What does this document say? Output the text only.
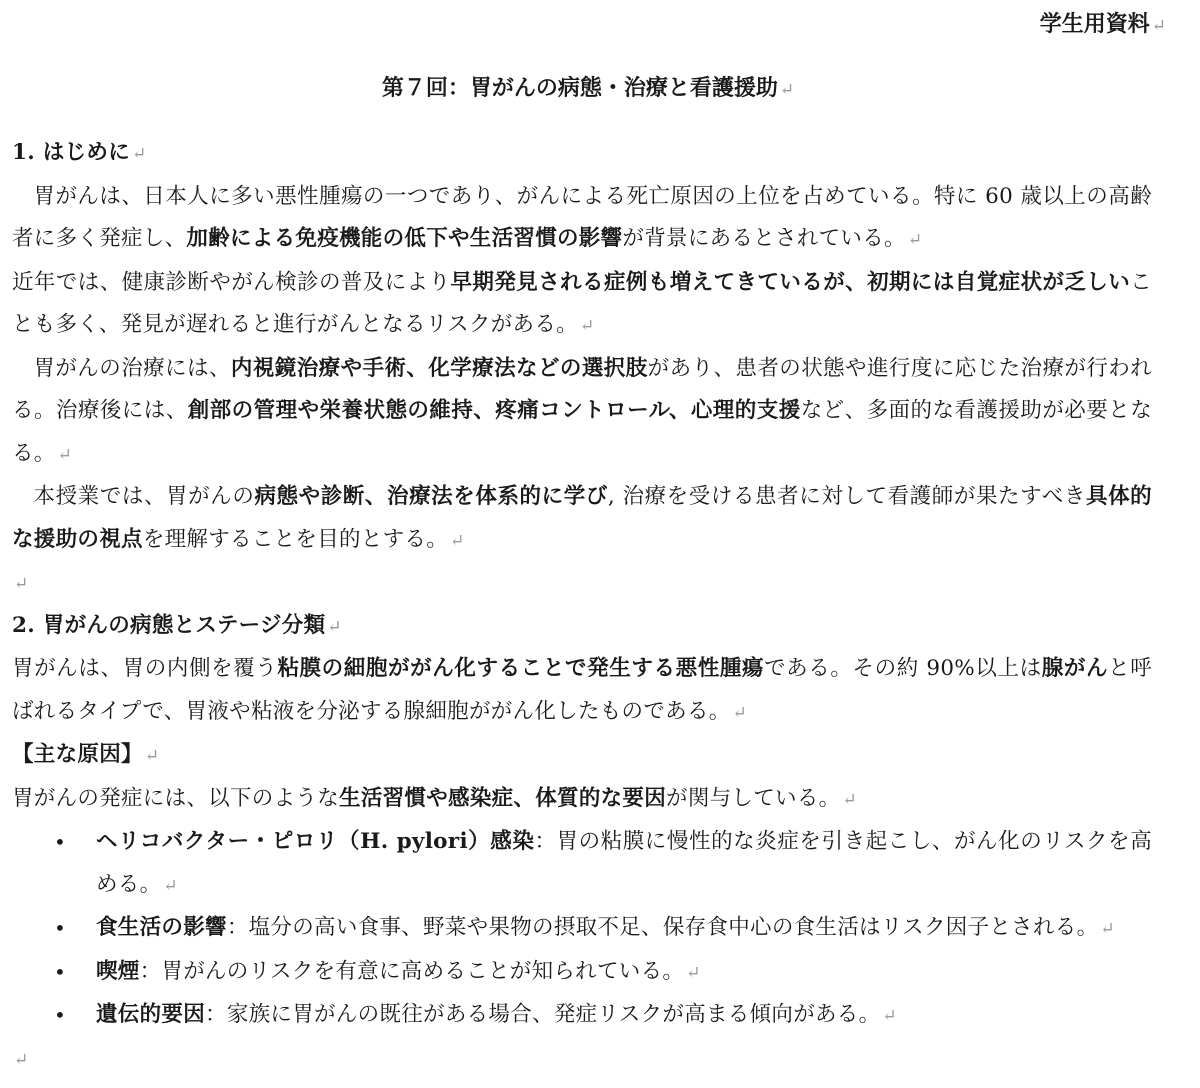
学生用資料 ↵
第７回：胃がんの病態・治療と看護援助 ↵
1. はじめに ↵
胃がんは、日本人に多い悪性腫瘍の一つであり、がんによる死亡原因の上位を占めている。特に 60 歳以上の高齢者に多く発症し、加齢による免疫機能の低下や生活習慣の影響が背景にあるとされている。 ↵
近年では、健康診断やがん検診の普及により早期発見される症例も増えてきているが、初期には自覚症状が乏しいことも多く、発見が遅れると進行がんとなるリスクがある。 ↵
胃がんの治療には、内視鏡治療や手術、化学療法などの選択肢があり、患者の状態や進行度に応じた治療が行われる。治療後には、創部の管理や栄養状態の維持、疼痛コントロール、心理的支援など、多面的な看護援助が必要となる。 ↵
本授業では、胃がんの病態や診断、治療法を体系的に学び, 治療を受ける患者に対して看護師が果たすべき具体的な援助の視点を理解することを目的とする。 ↵
↵
2. 胃がんの病態とステージ分類 ↵
胃がんは、胃の内側を覆う粘膜の細胞ががん化することで発生する悪性腫瘍である。その約 90%以上は腺がんと呼ばれるタイプで、胃液や粘液を分泌する腺細胞ががん化したものである。 ↵
【主な原因】 ↵
胃がんの発症には、以下のような生活習慣や感染症、体質的な要因が関与している。 ↵
• ヘリコバクター・ピロリ（H. pylori）感染：胃の粘膜に慢性的な炎症を引き起こし、がん化のリスクを高める。 ↵
• 食生活の影響：塩分の高い食事、野菜や果物の摂取不足、保存食中心の食生活はリスク因子とされる。 ↵
• 喫煙：胃がんのリスクを有意に高めることが知られている。 ↵
• 遺伝的要因：家族に胃がんの既往がある場合、発症リスクが高まる傾向がある。 ↵
↵
